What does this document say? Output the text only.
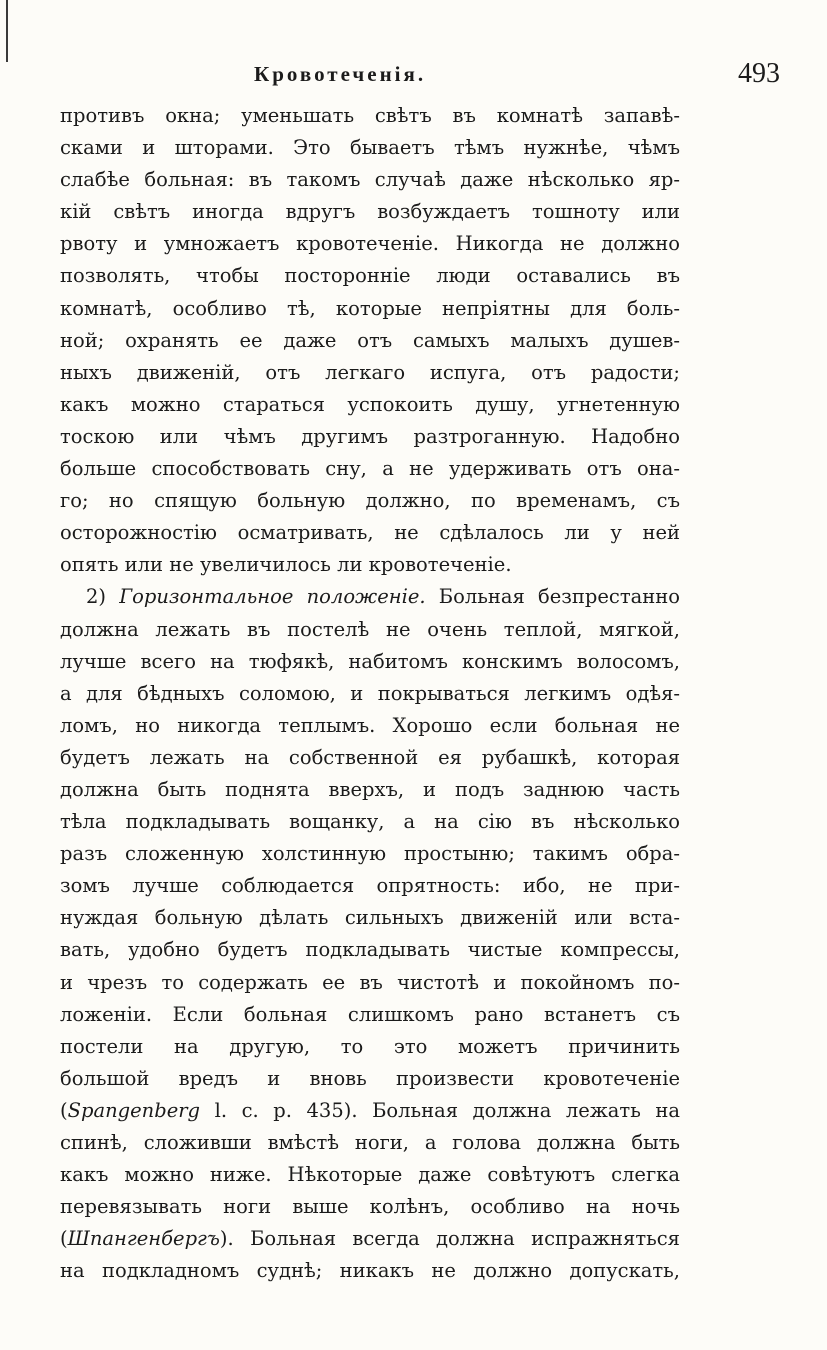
Кровотеченія.	493
противъ окна; уменьшать свѣтъ въ комнатѣ запавѣ-
сками и шторами. Это бываетъ тѣмъ нужнѣе, чѣмъ
слабѣе больная: въ такомъ случаѣ даже нѣсколько яр-
кій свѣтъ иногда вдругъ возбуждаетъ тошноту или
рвоту и умножаетъ кровотеченіе. Никогда не должно
позволять, чтобы посторонніе люди оставались въ
комнатѣ, особливо тѣ, которые непріятны для боль-
ной; охранять ее даже отъ самыхъ малыхъ душев-
ныхъ движеній, отъ легкаго испуга, отъ радости;
какъ можно стараться успокоить душу, угнетенную
тоскою или чѣмъ другимъ разтроганную. Надобно
больше способствовать сну, а не удерживать отъ она-
го; но спящую больную должно, по временамъ, съ
осторожностію осматривать, не сдѣлалось ли у ней
опять или не увеличилось ли кровотеченіе.
2) Горизонтальное положеніе. Больная безпрестанно
должна лежать въ постелѣ не очень теплой, мягкой,
лучше всего на тюфякѣ, набитомъ конскимъ волосомъ,
а для бѣдныхъ соломою, и покрываться легкимъ одѣя-
ломъ, но никогда теплымъ. Хорошо если больная не
будетъ лежать на собственной ея рубашкѣ, которая
должна быть поднята вверхъ, и подъ заднюю часть
тѣла подкладывать вощанку, а на сію въ нѣсколько
разъ сложенную холстинную простыню; такимъ обра-
зомъ лучше соблюдается опрятность: ибо, не при-
нуждая больную дѣлать сильныхъ движеній или вста-
вать, удобно будетъ подкладывать чистые компрессы,
и чрезъ то содержать ее въ чистотѣ и покойномъ по-
ложеніи. Если больная слишкомъ рано встанетъ съ
постели на другую, то это можетъ причинить
большой вредъ и вновь произвести кровотеченіе
(Spangenberg l. c. p. 435). Больная должна лежать на
спинѣ, сложивши вмѣстѣ ноги, а голова должна быть
какъ можно ниже. Нѣкоторые даже совѣтуютъ слегка
перевязывать ноги выше колѣнъ, особливо на ночь
(Шпангенбергъ). Больная всегда должна испражняться
на подкладномъ суднѣ; никакъ не должно допускать,
